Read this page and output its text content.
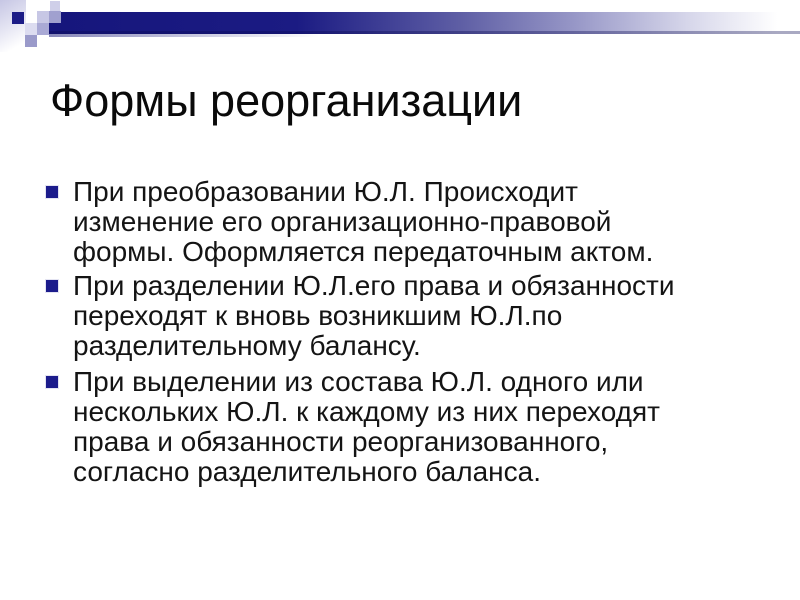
Формы реорганизации
При преобразовании Ю.Л. Происходит
изменение его организационно-правовой
формы. Оформляется передаточным актом.
При разделении Ю.Л.его права и обязанности
переходят к вновь возникшим Ю.Л.по
разделительному балансу.
При выделении из состава Ю.Л. одного или
нескольких Ю.Л. к каждому из них переходят
права и обязанности реорганизованного,
согласно разделительного баланса.
